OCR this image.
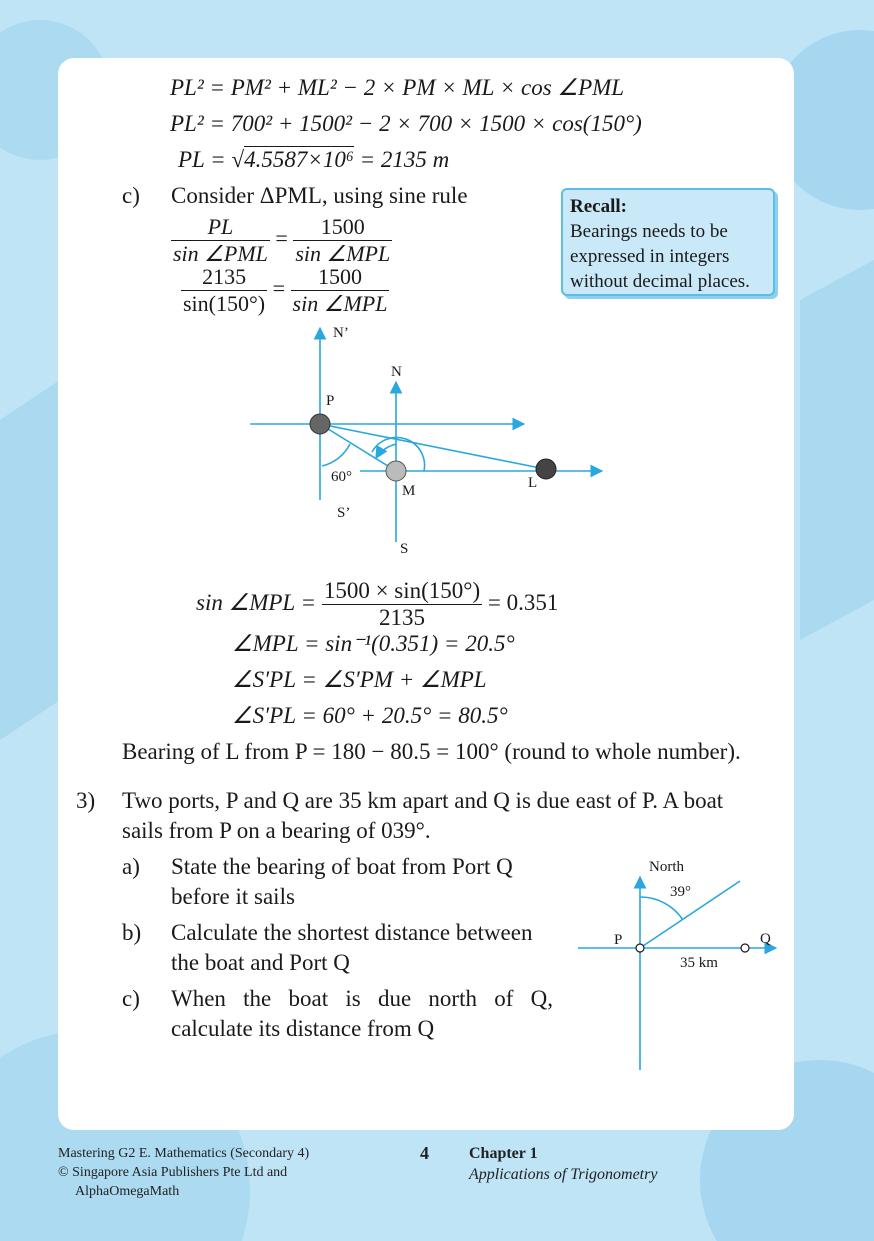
PL² = PM² + ML² − 2 × PM × ML × cos ∠PML
PL² = 700² + 1500² − 2 × 700 × 1500 × cos(150°)
PL = √4.5587×10⁶ = 2135 m
c) Consider ΔPML, using sine rule
$\frac{PL}{\text{sin ∠PML}} = \frac{1500}{\text{sin ∠MPL}}$
$\frac{2135}{\sin(150^\circ)} = \frac{1500}{\text{sin ∠MPL}}$
Recall:
Bearings needs to be
expressed in integers
without decimal places.
N’
N
P
60°
M	L
S’
S
sin ∠MPL = $\frac{1500 \times \sin(150^\circ)}{2135} = 0.351$
∠MPL = sin⁻¹(0.351) = 20.5°
∠S′PL = ∠S′PM + ∠MPL
∠S′PL = 60° + 20.5° = 80.5°
Bearing of L from P = 180 − 80.5 = 100° (round to whole number).
3) Two ports, P and Q are 35 km apart and Q is due east of P. A boat
sails from P on a bearing of 039°.
a) State the bearing of boat from Port Q
before it sails
b) Calculate the shortest distance between
the boat and Port Q
c) When the boat is due north of Q,
calculate its distance from Q
North
39°
P	Q
35 km
Mastering G2 E. Mathematics (Secondary 4)
© Singapore Asia Publishers Pte Ltd and
AlphaOmegaMath
4	Chapter 1
Applications of Trigonometry
